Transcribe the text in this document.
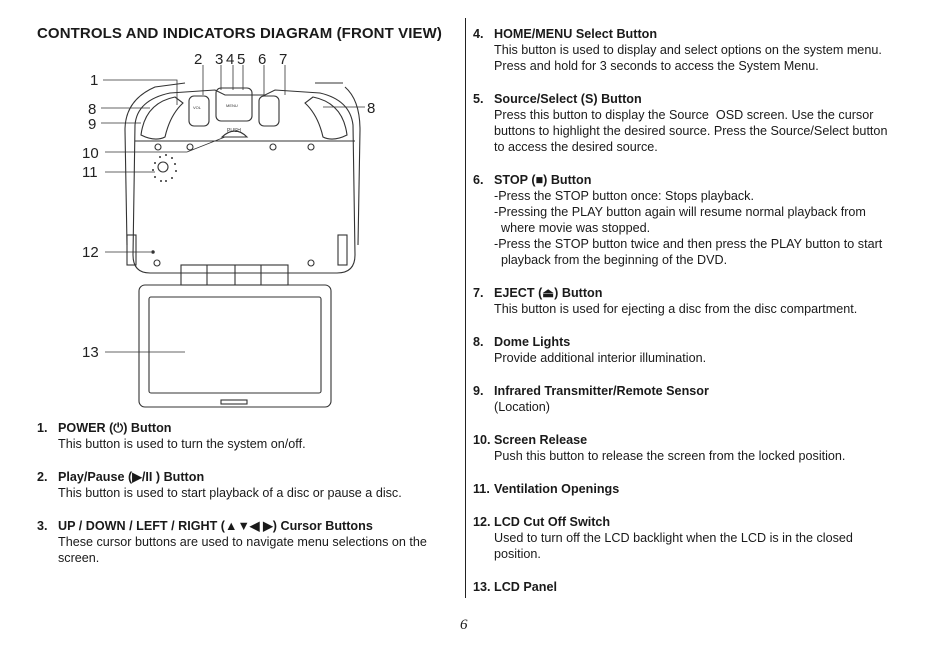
CONTROLS AND INDICATORS DIAGRAM (FRONT VIEW)
VOL	MENU
PUSH
1
2 3 4 5 6 7
8	8
9
10
11
12
13
1. POWER (⏻) Button
This button is used to turn the system on/off.
2. Play/Pause (▶/II ) Button
This button is used to start playback of a disc or pause a disc.
3. UP / DOWN / LEFT / RIGHT (▲▼◀ ▶) Cursor Buttons
These cursor buttons are used to navigate menu selections on the
screen.
4. HOME/MENU Select Button
This button is used to display and select options on the system menu.
Press and hold for 3 seconds to access the System Menu.
5. Source/Select (S) Button
Press this button to display the Source  OSD screen. Use the cursor
buttons to highlight the desired source. Press the Source/Select button
to access the desired source.
6. STOP (■) Button
-Press the STOP button once: Stops playback.
-Pressing the PLAY button again will resume normal playback from
where movie was stopped.
-Press the STOP button twice and then press the PLAY button to start
playback from the beginning of the DVD.
7. EJECT (⏏) Button
This button is used for ejecting a disc from the disc compartment.
8. Dome Lights
Provide additional interior illumination.
9. Infrared Transmitter/Remote Sensor
(Location)
10. Screen Release
Push this button to release the screen from the locked position.
11. Ventilation Openings
12. LCD Cut Off Switch
Used to turn off the LCD backlight when the LCD is in the closed
position.
13. LCD Panel
6
